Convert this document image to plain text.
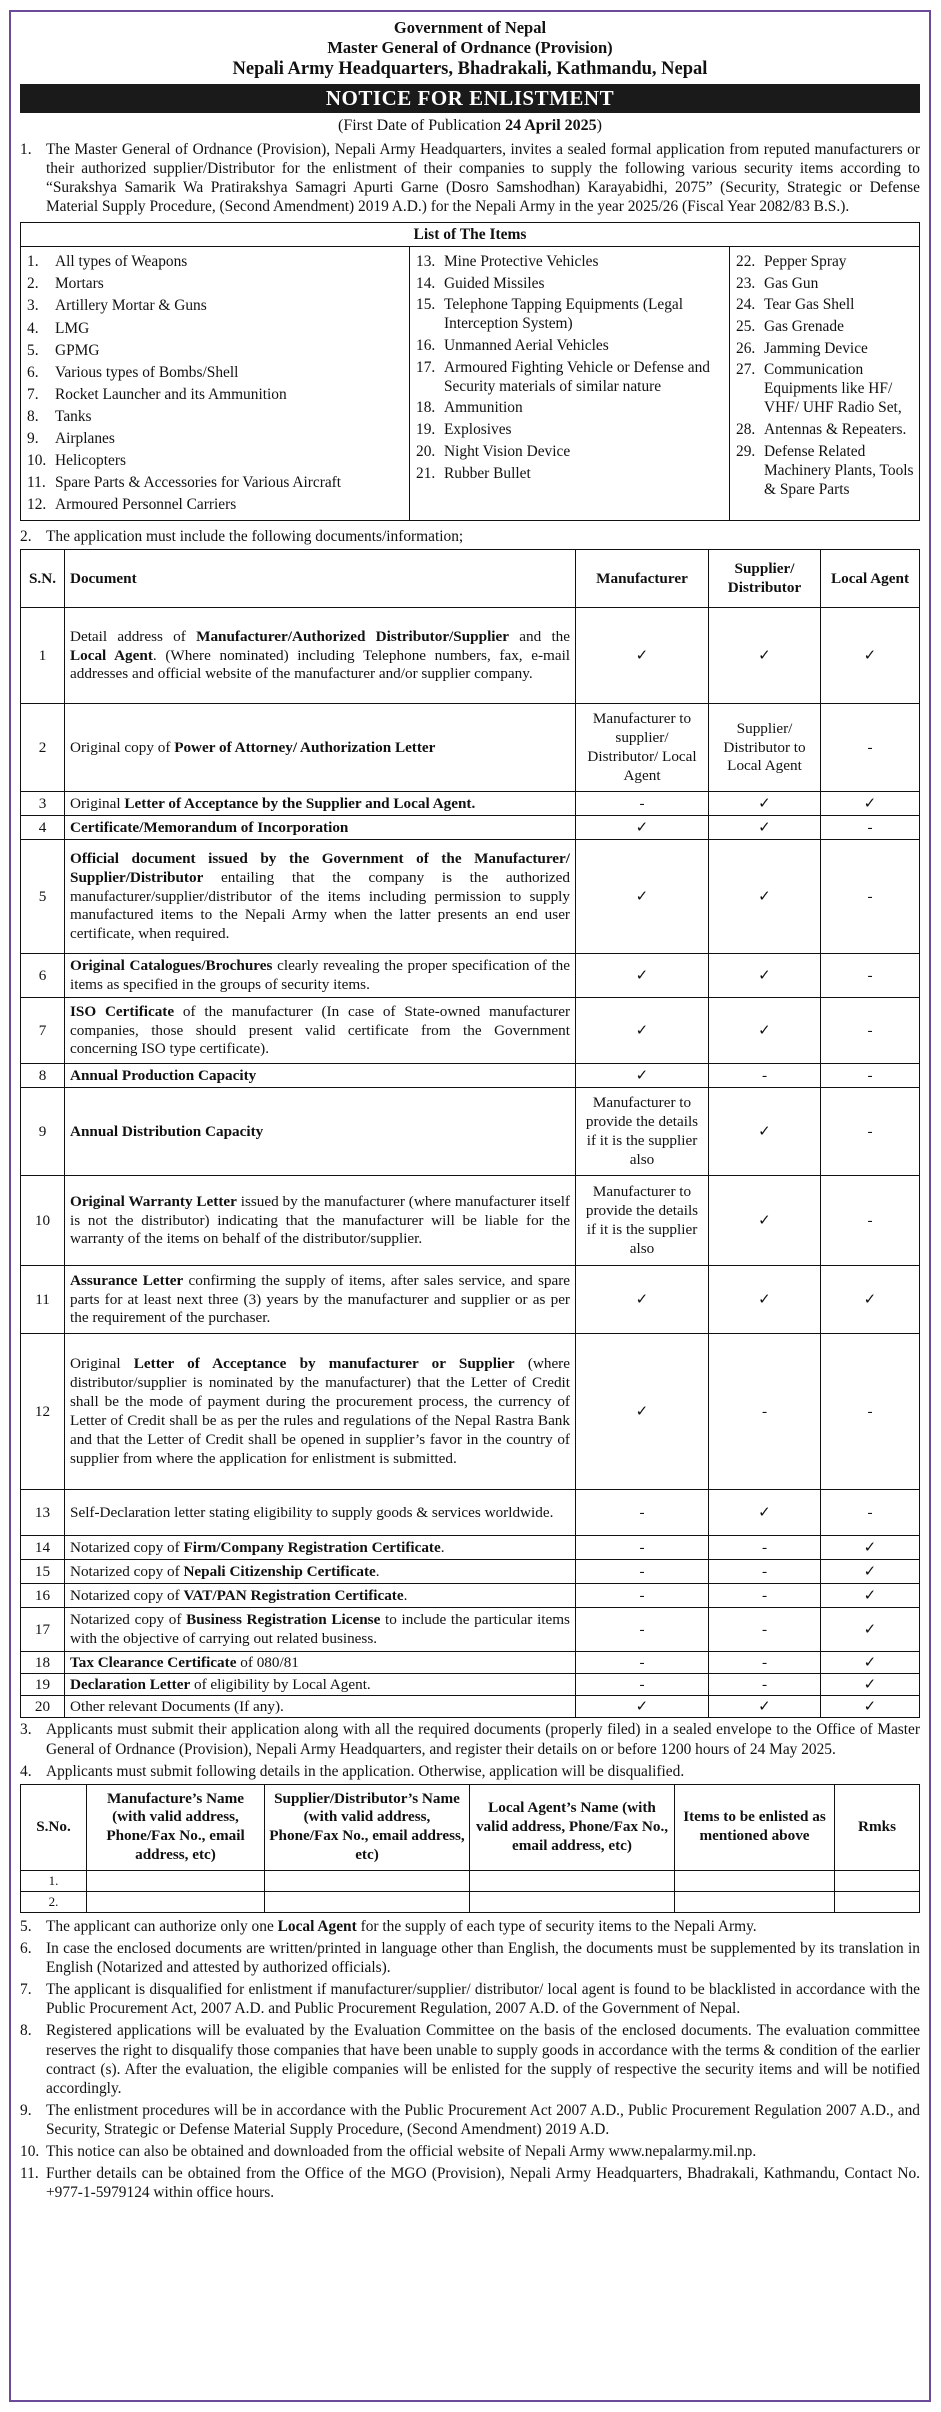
Government of Nepal
Master General of Ordnance (Provision)
Nepali Army Headquarters, Bhadrakali, Kathmandu, Nepal
NOTICE FOR ENLISTMENT
(First Date of Publication 24 April 2025)
1. The Master General of Ordnance (Provision), Nepali Army Headquarters, invites a sealed formal application from reputed manufacturers or their authorized supplier/Distributor for the enlistment of their companies to supply the following various security items according to “Surakshya Samarik Wa Pratirakshya Samagri Apurti Garne (Dosro Samshodhan) Karayabidhi, 2075” (Security, Strategic or Defense Material Supply Procedure, (Second Amendment) 2019 A.D.) for the Nepali Army in the year 2025/26 (Fiscal Year 2082/83 B.S.).
List of The Items
1.	All types of Weapons
2.	Mortars
3.	Artillery Mortar & Guns
4.	LMG
5.	GPMG
6.	Various types of Bombs/Shell
7.	Rocket Launcher and its Ammunition
8.	Tanks
9.	Airplanes
10. Helicopters
11. Spare Parts & Accessories for Various Aircraft
12. Armoured Personnel Carriers
13. Mine Protective Vehicles
14. Guided Missiles
15. Telephone Tapping Equipments (Legal Interception System)
16. Unmanned Aerial Vehicles
17. Armoured Fighting Vehicle or Defense and Security materials of similar nature
18. Ammunition
19. Explosives
20. Night Vision Device
21. Rubber Bullet
22. Pepper Spray
23. Gas Gun
24. Tear Gas Shell
25. Gas Grenade
26. Jamming Device
27. Communication Equipments like HF/ VHF/ UHF Radio Set,
28. Antennas & Repeaters.
29. Defense Related Machinery Plants, Tools & Spare Parts
2. The application must include the following documents/information;
S.N.	Document	Manufacturer	Supplier/ Distributor	Local Agent
1	Detail address of Manufacturer/Authorized Distributor/Supplier and the Local Agent. (Where nominated) including Telephone numbers, fax, e-mail addresses and official website of the manufacturer and/or supplier company.	✓	✓	✓
2	Original copy of Power of Attorney/ Authorization Letter	Manufacturer to supplier/ Distributor/ Local Agent	Supplier/ Distributor to Local Agent	-
3	Original Letter of Acceptance by the Supplier and Local Agent.	-	✓	✓
4	Certificate/Memorandum of Incorporation	✓	✓	-
5	Official document issued by the Government of the Manufacturer/ Supplier/Distributor entailing that the company is the authorized manufacturer/supplier/distributor of the items including permission to supply manufactured items to the Nepali Army when the latter presents an end user certificate, when required.	✓	✓	-
6	Original Catalogues/Brochures clearly revealing the proper specification of the items as specified in the groups of security items.	✓	✓	-
7	ISO Certificate of the manufacturer (In case of State-owned manufacturer companies, those should present valid certificate from the Government concerning ISO type certificate).	✓	✓	-
8	Annual Production Capacity	✓	-	-
9	Annual Distribution Capacity	Manufacturer to provide the details if it is the supplier also	✓	-
10	Original Warranty Letter issued by the manufacturer (where manufacturer itself is not the distributor) indicating that the manufacturer will be liable for the warranty of the items on behalf of the distributor/supplier.	Manufacturer to provide the details if it is the supplier also	✓	-
11	Assurance Letter confirming the supply of items, after sales service, and spare parts for at least next three (3) years by the manufacturer and supplier or as per the requirement of the purchaser.	✓	✓	✓
12	Original Letter of Acceptance by manufacturer or Supplier (where distributor/supplier is nominated by the manufacturer) that the Letter of Credit shall be the mode of payment during the procurement process, the currency of Letter of Credit shall be as per the rules and regulations of the Nepal Rastra Bank and that the Letter of Credit shall be opened in supplier’s favor in the country of supplier from where the application for enlistment is submitted.	✓	-	-
13	Self-Declaration letter stating eligibility to supply goods & services worldwide.	-	✓	-
14	Notarized copy of Firm/Company Registration Certificate.	-	-	✓
15	Notarized copy of Nepali Citizenship Certificate.	-	-	✓
16	Notarized copy of VAT/PAN Registration Certificate.	-	-	✓
17	Notarized copy of Business Registration License to include the particular items with the objective of carrying out related business.	-	-	✓
18	Tax Clearance Certificate of 080/81	-	-	✓
19	Declaration Letter of eligibility by Local Agent.	-	-	✓
20	Other relevant Documents (If any).	✓	✓	✓
3. Applicants must submit their application along with all the required documents (properly filed) in a sealed envelope to the Office of Master General of Ordnance (Provision), Nepali Army Headquarters, and register their details on or before 1200 hours of 24 May 2025.
4. Applicants must submit following details in the application. Otherwise, application will be disqualified.
S.No.	Manufacture’s Name (with valid address, Phone/Fax No., email address, etc)	Supplier/Distributor’s Name (with valid address, Phone/Fax No., email address, etc)	Local Agent’s Name (with valid address, Phone/Fax No., email address, etc)	Items to be enlisted as mentioned above	Rmks
1.					
2.					
5. The applicant can authorize only one Local Agent for the supply of each type of security items to the Nepali Army.
6. In case the enclosed documents are written/printed in language other than English, the documents must be supplemented by its translation in English (Notarized and attested by authorized officials).
7. The applicant is disqualified for enlistment if manufacturer/supplier/ distributor/ local agent is found to be blacklisted in accordance with the Public Procurement Act, 2007 A.D. and Public Procurement Regulation, 2007 A.D. of the Government of Nepal.
8. Registered applications will be evaluated by the Evaluation Committee on the basis of the enclosed documents. The evaluation committee reserves the right to disqualify those companies that have been unable to supply goods in accordance with the terms & condition of the earlier contract (s). After the evaluation, the eligible companies will be enlisted for the supply of respective the security items and will be notified accordingly.
9. The enlistment procedures will be in accordance with the Public Procurement Act 2007 A.D., Public Procurement Regulation 2007 A.D., and Security, Strategic or Defense Material Supply Procedure, (Second Amendment) 2019 A.D.
10. This notice can also be obtained and downloaded from the official website of Nepali Army www.nepalarmy.mil.np.
11. Further details can be obtained from the Office of the MGO (Provision), Nepali Army Headquarters, Bhadrakali, Kathmandu, Contact No. +977-1-5979124 within office hours.
